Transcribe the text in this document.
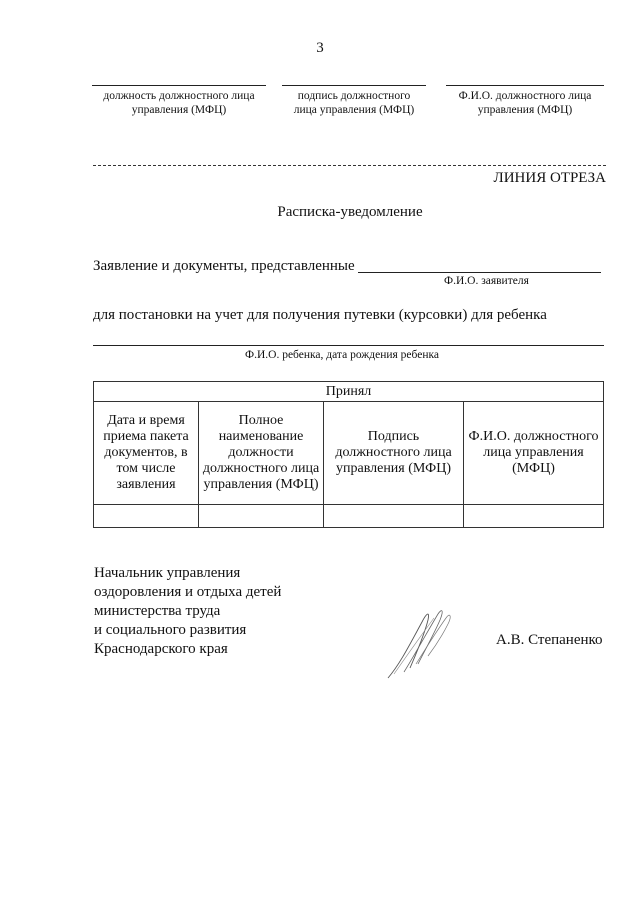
3
должность должностного лица
управления (МФЦ)
подпись должностного
лица управления (МФЦ)
Ф.И.О. должностного лица
управления (МФЦ)
ЛИНИЯ ОТРЕЗА
Расписка-уведомление
Заявление и документы, представленные
Ф.И.О. заявителя
для постановки на учет для получения путевки (курсовки) для ребенка
Ф.И.О. ребенка, дата рождения ребенка
Принял			
Дата и время приема пакета документов, в том числе заявления	Полное наименование должности должностного лица управления (МФЦ)	Подпись должностного лица управления (МФЦ)	Ф.И.О. должностного лица управления (МФЦ)

Начальник управления
оздоровления и отдыха детей
министерства труда
и социального развития
Краснодарского края
А.В. Степаненко
